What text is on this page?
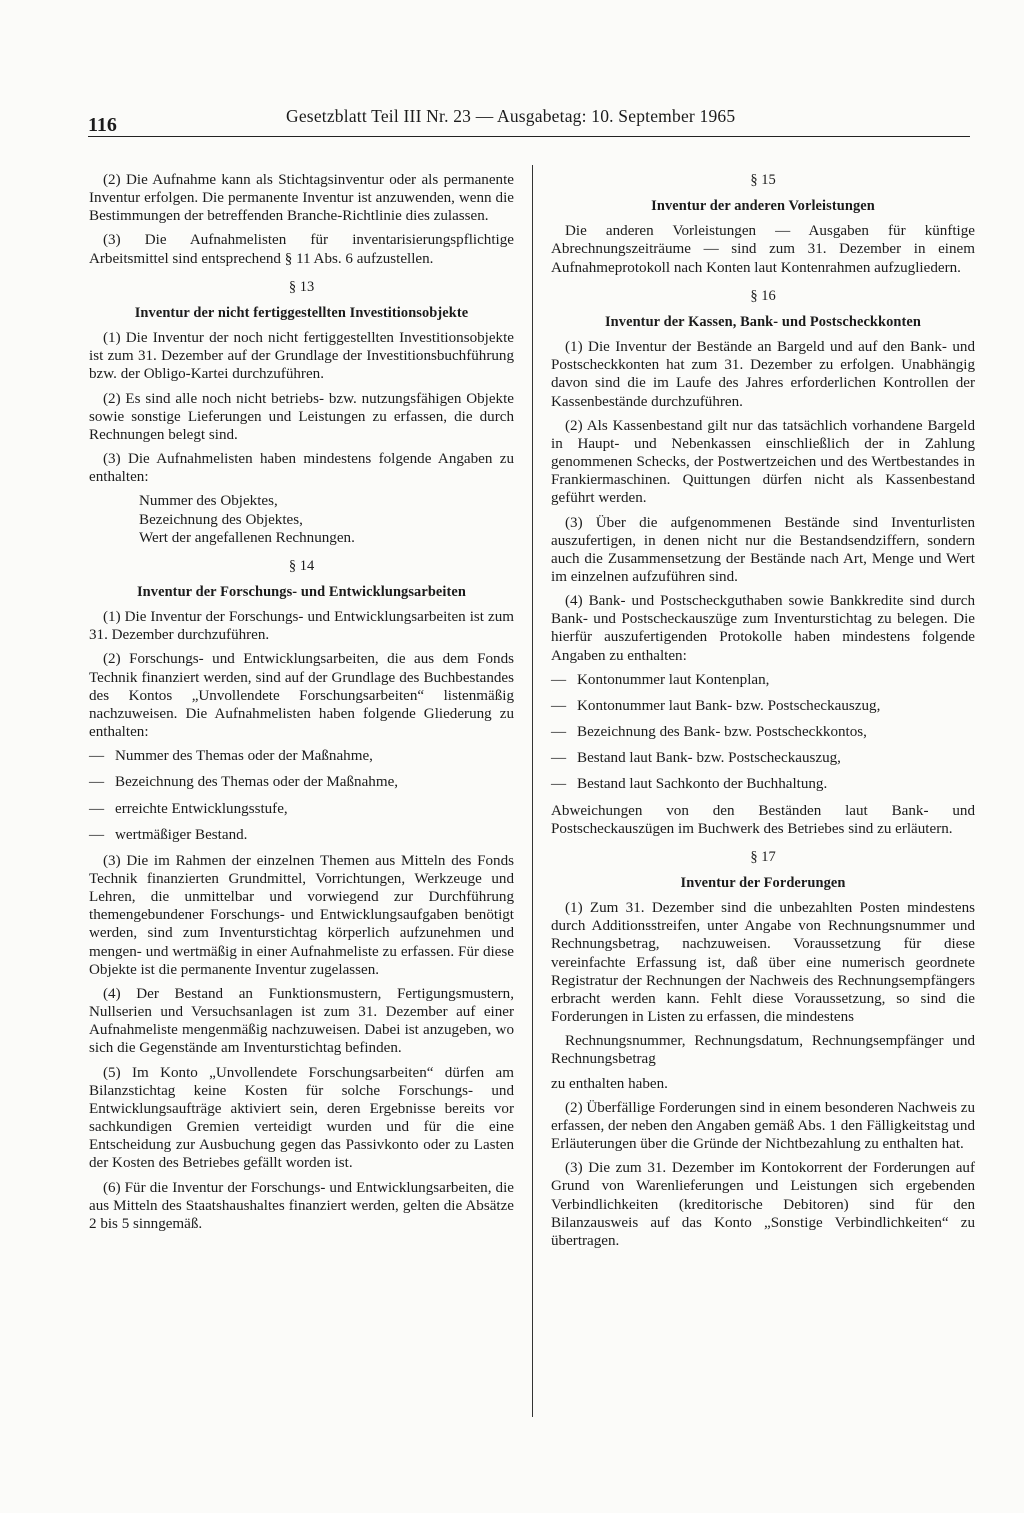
116	Gesetzblatt Teil III Nr. 23 — Ausgabetag: 10. September 1965

(2) Die Aufnahme kann als Stichtagsinventur oder als permanente Inventur erfolgen. Die permanente Inventur ist anzuwenden, wenn die Bestimmungen der betreffenden Branche-Richtlinie dies zulassen.

(3) Die Aufnahmelisten für inventarisierungspflichtige Arbeitsmittel sind entsprechend § 11 Abs. 6 aufzustellen.

§ 13
Inventur der nicht fertiggestellten Investitionsobjekte

(1) Die Inventur der noch nicht fertiggestellten Investitionsobjekte ist zum 31. Dezember auf der Grundlage der Investitionsbuchführung bzw. der Obligo-Kartei durchzuführen.

(2) Es sind alle noch nicht betriebs- bzw. nutzungsfähigen Objekte sowie sonstige Lieferungen und Leistungen zu erfassen, die durch Rechnungen belegt sind.

(3) Die Aufnahmelisten haben mindestens folgende Angaben zu enthalten:

Nummer des Objektes,
Bezeichnung des Objektes,
Wert der angefallenen Rechnungen.
§ 14
Inventur der Forschungs- und Entwicklungsarbeiten

(1) Die Inventur der Forschungs- und Entwicklungsarbeiten ist zum 31. Dezember durchzuführen.

(2) Forschungs- und Entwicklungsarbeiten, die aus dem Fonds Technik finanziert werden, sind auf der Grundlage des Buchbestandes des Kontos „Unvollendete Forschungsarbeiten“ listenmäßig nachzuweisen. Die Aufnahmelisten haben folgende Gliederung zu enthalten:

— Nummer des Themas oder der Maßnahme,
— Bezeichnung des Themas oder der Maßnahme,
— erreichte Entwicklungsstufe,
— wertmäßiger Bestand.

(3) Die im Rahmen der einzelnen Themen aus Mitteln des Fonds Technik finanzierten Grundmittel, Vorrichtungen, Werkzeuge und Lehren, die unmittelbar und vorwiegend zur Durchführung themengebundener Forschungs- und Entwicklungsaufgaben benötigt werden, sind zum Inventurstichtag körperlich aufzunehmen und mengen- und wertmäßig in einer Aufnahmeliste zu erfassen. Für diese Objekte ist die permanente Inventur zugelassen.

(4) Der Bestand an Funktionsmustern, Fertigungsmustern, Nullserien und Versuchsanlagen ist zum 31. Dezember auf einer Aufnahmeliste mengenmäßig nachzuweisen. Dabei ist anzugeben, wo sich die Gegenstände am Inventurstichtag befinden.

(5) Im Konto „Unvollendete Forschungsarbeiten“ dürfen am Bilanzstichtag keine Kosten für solche Forschungs- und Entwicklungsaufträge aktiviert sein, deren Ergebnisse bereits vor sachkundigen Gremien verteidigt wurden und für die eine Entscheidung zur Ausbuchung gegen das Passivkonto oder zu Lasten der Kosten des Betriebes gefällt worden ist.

(6) Für die Inventur der Forschungs- und Entwicklungsarbeiten, die aus Mitteln des Staatshaushaltes finanziert werden, gelten die Absätze 2 bis 5 sinngemäß.

§ 15
Inventur der anderen Vorleistungen

Die anderen Vorleistungen — Ausgaben für künftige Abrechnungszeiträume — sind zum 31. Dezember in einem Aufnahmeprotokoll nach Konten laut Kontenrahmen aufzugliedern.

§ 16
Inventur der Kassen, Bank- und Postscheckkonten

(1) Die Inventur der Bestände an Bargeld und auf den Bank- und Postscheckkonten hat zum 31. Dezember zu erfolgen. Unabhängig davon sind die im Laufe des Jahres erforderlichen Kontrollen der Kassenbestände durchzuführen.

(2) Als Kassenbestand gilt nur das tatsächlich vorhandene Bargeld in Haupt- und Nebenkassen einschließlich der in Zahlung genommenen Schecks, der Postwertzeichen und des Wertbestandes in Frankiermaschinen. Quittungen dürfen nicht als Kassenbestand geführt werden.

(3) Über die aufgenommenen Bestände sind Inventurlisten auszufertigen, in denen nicht nur die Bestandsendziffern, sondern auch die Zusammensetzung der Bestände nach Art, Menge und Wert im einzelnen aufzuführen sind.

(4) Bank- und Postscheckguthaben sowie Bankkredite sind durch Bank- und Postscheckauszüge zum Inventurstichtag zu belegen. Die hierfür auszufertigenden Protokolle haben mindestens folgende Angaben zu enthalten:

— Kontonummer laut Kontenplan,
— Kontonummer laut Bank- bzw. Postscheckauszug,
— Bezeichnung des Bank- bzw. Postscheckkontos,
— Bestand laut Bank- bzw. Postscheckauszug,
— Bestand laut Sachkonto der Buchhaltung.

Abweichungen von den Beständen laut Bank- und Postscheckauszügen im Buchwerk des Betriebes sind zu erläutern.

§ 17
Inventur der Forderungen

(1) Zum 31. Dezember sind die unbezahlten Posten mindestens durch Additionsstreifen, unter Angabe von Rechnungsnummer und Rechnungsbetrag, nachzuweisen. Voraussetzung für diese vereinfachte Erfassung ist, daß über eine numerisch geordnete Registratur der Rechnungen der Nachweis des Rechnungsempfängers erbracht werden kann. Fehlt diese Voraussetzung, so sind die Forderungen in Listen zu erfassen, die mindestens

Rechnungsnummer, Rechnungsdatum, Rechnungsempfänger und Rechnungsbetrag

zu enthalten haben.

(2) Überfällige Forderungen sind in einem besonderen Nachweis zu erfassen, der neben den Angaben gemäß Abs. 1 den Fälligkeitstag und Erläuterungen über die Gründe der Nichtbezahlung zu enthalten hat.

(3) Die zum 31. Dezember im Kontokorrent der Forderungen auf Grund von Warenlieferungen und Leistungen sich ergebenden Verbindlichkeiten (kreditorische Debitoren) sind für den Bilanzausweis auf das Konto „Sonstige Verbindlichkeiten“ zu übertragen.
